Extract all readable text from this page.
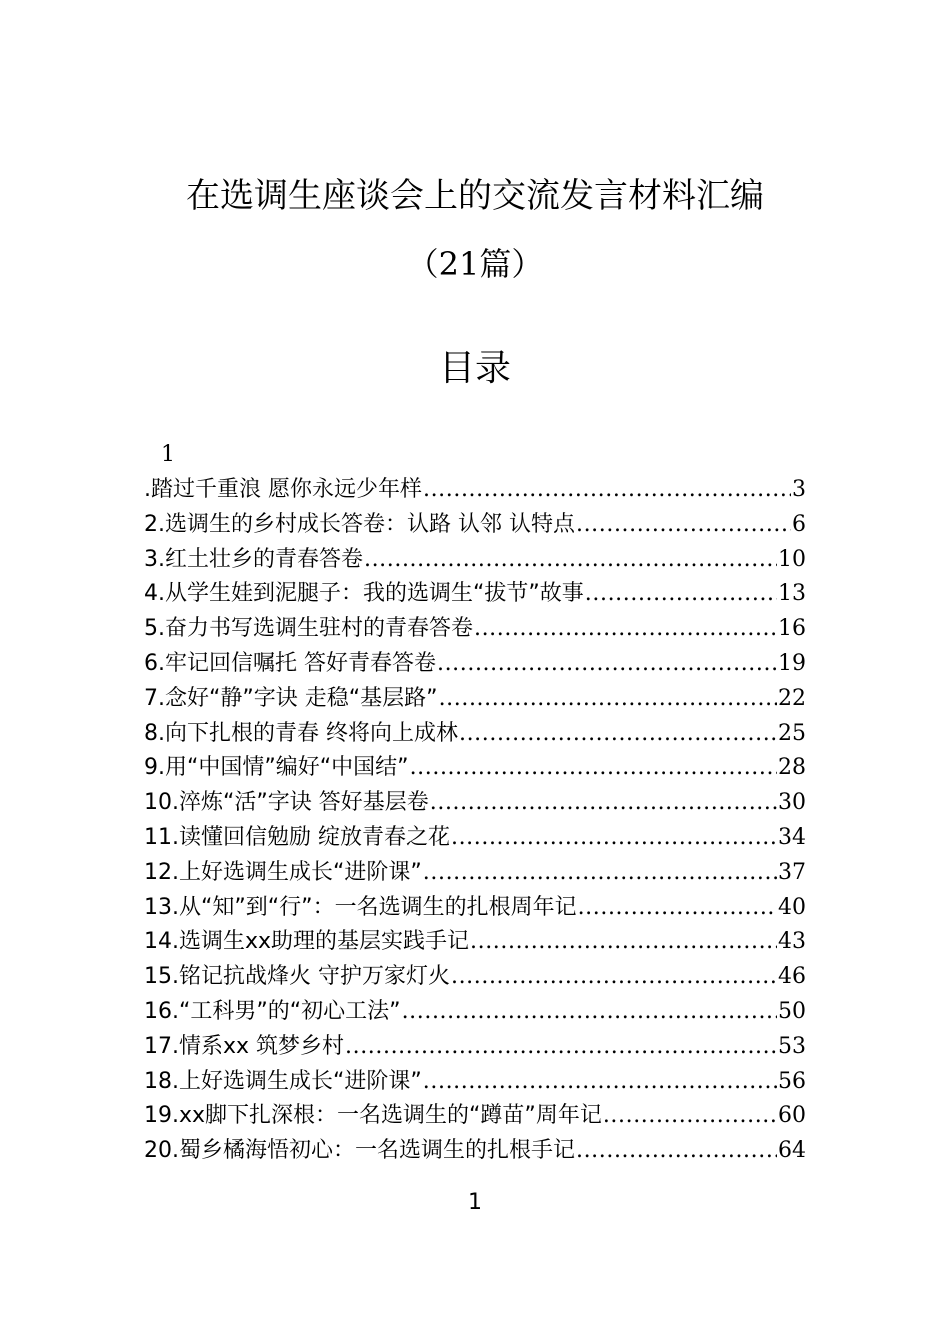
在选调生座谈会上的交流发言材料汇编
（21篇）
目录
1
.踏过千重浪 愿你永远少年样 .....	3
2.选调生的乡村成长答卷：认路 认邻 认特点 .....	6
3.红土壮乡的青春答卷 .....	10
4.从学生娃到泥腿子：我的选调生“拔节”故事 .....	13
5.奋力书写选调生驻村的青春答卷 .....	16
6.牢记回信嘱托 答好青春答卷 .....	19
7.念好“静”字诀 走稳“基层路” .....	22
8.向下扎根的青春 终将向上成林 .....	25
9.用“中国情”编好“中国结” .....	28
10.淬炼“活”字诀 答好基层卷 .....	30
11.读懂回信勉励 绽放青春之花 .....	34
12.上好选调生成长“进阶课” .....	37
13.从“知”到“行”：一名选调生的扎根周年记 .....	40
14.选调生xx助理的基层实践手记 .....	43
15.铭记抗战烽火 守护万家灯火 .....	46
16.“工科男”的“初心工法” .....	50
17.情系xx 筑梦乡村 .....	53
18.上好选调生成长“进阶课” .....	56
19.xx脚下扎深根：一名选调生的“蹲苗”周年记 .....	60
20.蜀乡橘海悟初心：一名选调生的扎根手记 .....	64
1
